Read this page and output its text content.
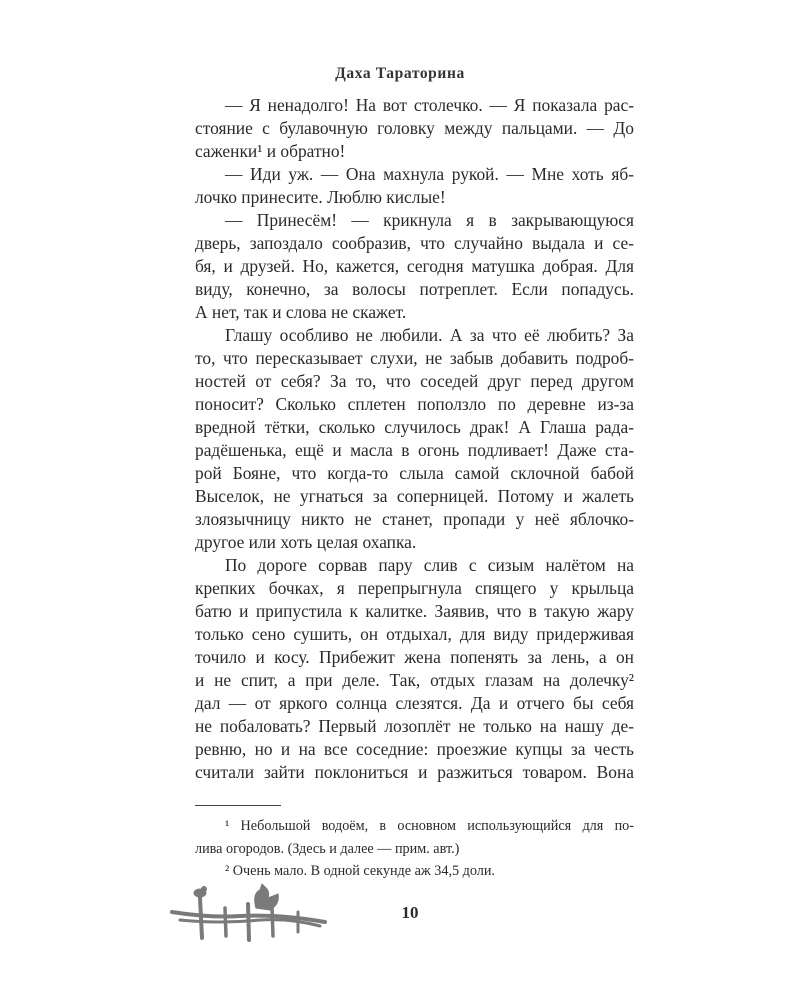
Даха Тараторина
— Я ненадолго! На вот столечко. — Я показала рас-
стояние с булавочную головку между пальцами. — До
саженки¹ и обратно!
— Иди уж. — Она махнула рукой. — Мне хоть яб-
лочко принесите. Люблю кислые!
— Принесём! — крикнула я в закрывающуюся
дверь, запоздало сообразив, что случайно выдала и се-
бя, и друзей. Но, кажется, сегодня матушка добрая. Для
виду, конечно, за волосы потреплет. Если попадусь.
А нет, так и слова не скажет.
Глашу особливо не любили. А за что её любить? За
то, что пересказывает слухи, не забыв добавить подроб-
ностей от себя? За то, что соседей друг перед другом
поносит? Сколько сплетен поползло по деревне из-за
вредной тётки, сколько случилось драк! А Глаша рада-
радёшенька, ещё и масла в огонь подливает! Даже ста-
рой Бояне, что когда-то слыла самой склочной бабой
Выселок, не угнаться за соперницей. Потому и жалеть
злоязычницу никто не станет, пропади у неё яблочко-
другое или хоть целая охапка.
По дороге сорвав пару слив с сизым налётом на
крепких бочках, я перепрыгнула спящего у крыльца
батю и припустила к калитке. Заявив, что в такую жару
только сено сушить, он отдыхал, для виду придерживая
точило и косу. Прибежит жена попенять за лень, а он
и не спит, а при деле. Так, отдых глазам на долечку²
дал — от яркого солнца слезятся. Да и отчего бы себя
не побаловать? Первый лозоплёт не только на нашу де-
ревню, но и на все соседние: проезжие купцы за честь
считали зайти поклониться и разжиться товаром. Вона
¹ Небольшой водоём, в основном использующийся для по-
лива огородов. (Здесь и далее — прим. авт.)
² Очень мало. В одной секунде аж 34,5 доли.
10
